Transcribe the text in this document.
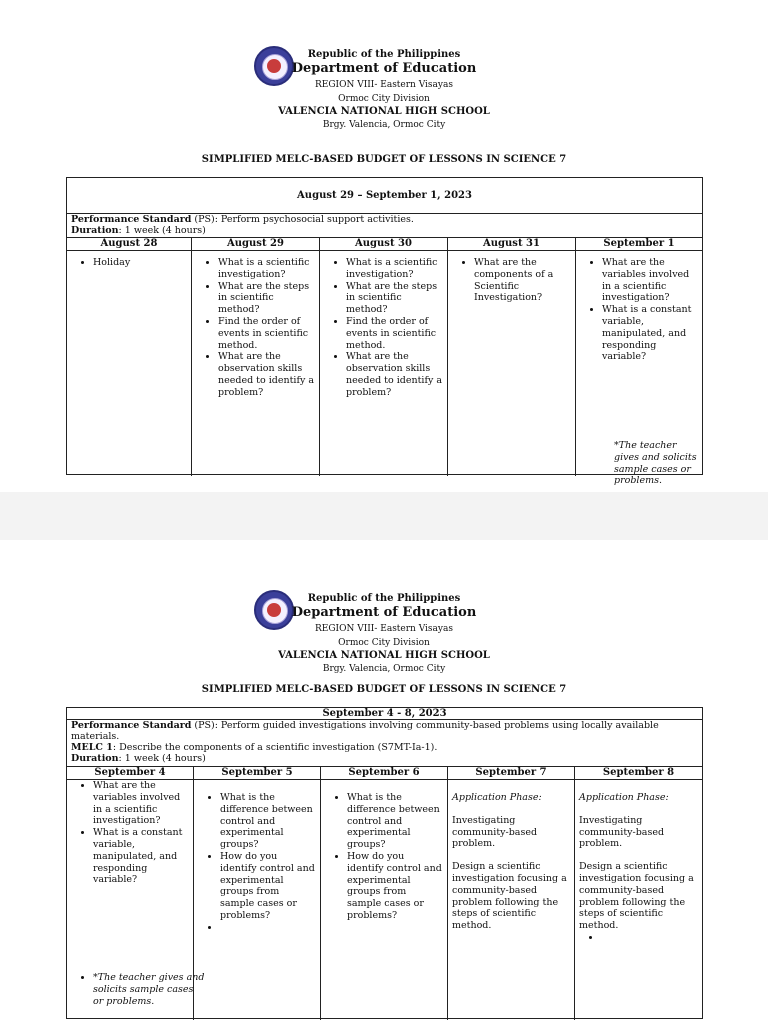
Republic of the Philippines
Department of Education
REGION VIII- Eastern Visayas
Ormoc City Division
VALENCIA NATIONAL HIGH SCHOOL
Brgy. Valencia, Ormoc City
SIMPLIFIED MELC-BASED BUDGET OF LESSONS IN SCIENCE 7
August 29 – September 1, 2023
Performance Standard (PS): Perform psychosocial support activities.
Duration: 1 week (4 hours)
August 28	August 29	August 30	August 31	September 1
• Holiday
•	What is a scientific investigation?
• What are the steps in scientific method?
• Find the order of events in scientific method.
• What are the observation skills needed to identify a problem?
• What is a scientific investigation?
• What are the steps in scientific method?
• Find the order of events in scientific method.
• What are the observation skills needed to identify a problem?
• What are the components of a Scientific Investigation?
• What are the variables involved in a scientific investigation?
• What is a constant variable, manipulated, and responding variable?
*The teacher gives and solicits sample cases or problems.
Republic of the Philippines
Department of Education
REGION VIII- Eastern Visayas
Ormoc City Division
VALENCIA NATIONAL HIGH SCHOOL
Brgy. Valencia, Ormoc City
SIMPLIFIED MELC-BASED BUDGET OF LESSONS IN SCIENCE 7
September 4 - 8, 2023
Performance Standard (PS): Perform guided investigations involving community-based problems using locally available materials.
MELC 1: Describe the components of a scientific investigation (S7MT-Ia-1).
Duration: 1 week (4 hours)
September 4	September 5	September 6	September 7	September 8
• What are the variables involved in a scientific investigation?
• What is a constant variable, manipulated, and responding variable?
• *The teacher gives and solicits sample cases or problems.
• What is the difference between control and experimental groups?
• How do you identify control and experimental groups from sample cases or problems?
•
• What is the difference between control and experimental groups?
• How do you identify control and experimental groups from sample cases or problems?
Application Phase:
Investigating community-based problem.
Design a scientific investigation focusing a community-based problem following the steps of scientific method.
Application Phase:
Investigating community-based problem.
Design a scientific investigation focusing a community-based problem following the steps of scientific method.
•
